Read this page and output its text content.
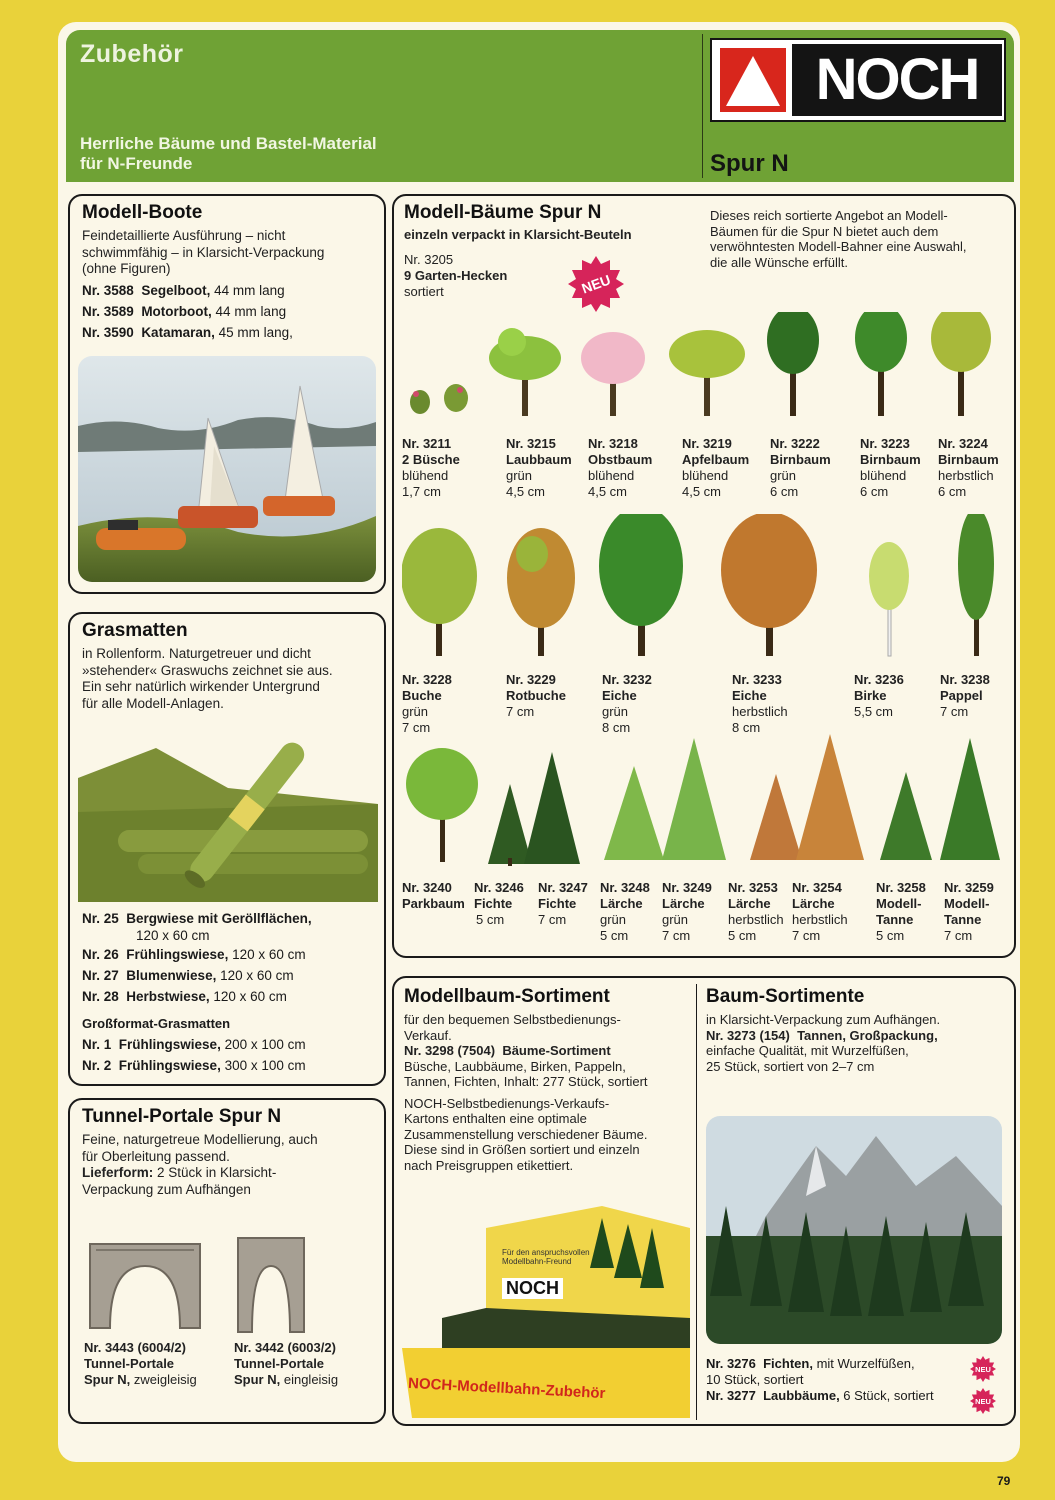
Zubehör
Herrliche Bäume und Bastel-Material
für N-Freunde
NOCH
Spur N
Modell-Boote
Feindetaillierte Ausführung – nicht
schwimmfähig – in Klarsicht-Verpackung
(ohne Figuren)
Nr. 3588 Segelboot, 44 mm lang
Nr. 3589 Motorboot, 44 mm lang
Nr. 3590 Katamaran, 45 mm lang,
Grasmatten
in Rollenform. Naturgetreuer und dicht
»stehender« Graswuchs zeichnet sie aus.
Ein sehr natürlich wirkender Untergrund
für alle Modell-Anlagen.
Nr. 25 Bergwiese mit Geröllflächen,
120 x 60 cm
Nr. 26 Frühlingswiese, 120 x 60 cm
Nr. 27 Blumenwiese, 120 x 60 cm
Nr. 28 Herbstwiese, 120 x 60 cm
Großformat-Grasmatten
Nr. 1 Frühlingswiese, 200 x 100 cm
Nr. 2 Frühlingswiese, 300 x 100 cm
Tunnel-Portale Spur N
Feine, naturgetreue Modellierung, auch
für Oberleitung passend.
Lieferform: 2 Stück in Klarsicht-
Verpackung zum Aufhängen
Nr. 3443 (6004/2)
Tunnel-Portale
Spur N, zweigleisig
Nr. 3442 (6003/2)
Tunnel-Portale
Spur N, eingleisig
Modell-Bäume Spur N
einzeln verpackt in Klarsicht-Beuteln
Nr. 3205
9 Garten-Hecken
sortiert
Dieses reich sortierte Angebot an Modell-
Bäumen für die Spur N bietet auch dem
verwöhntesten Modell-Bahner eine Auswahl,
die alle Wünsche erfüllt.
NEU
Nr. 3211
2 Büsche
blühend
1,7 cm
Nr. 3215
Laubbaum
grün
4,5 cm
Nr. 3218
Obstbaum
blühend
4,5 cm
Nr. 3219
Apfelbaum
blühend
4,5 cm
Nr. 3222
Birnbaum
grün
6 cm
Nr. 3223
Birnbaum
blühend
6 cm
Nr. 3224
Birnbaum
herbstlich
6 cm
Nr. 3228
Buche
grün
7 cm
Nr. 3229
Rotbuche
7 cm
Nr. 3232
Eiche
grün
8 cm
Nr. 3233
Eiche
herbstlich
8 cm
Nr. 3236
Birke
5,5 cm
Nr. 3238
Pappel
7 cm
Nr. 3240
Parkbaum
Nr. 3246
Fichte
5 cm
Nr. 3247
Fichte
7 cm
Nr. 3248
Lärche
grün
5 cm
Nr. 3249
Lärche
grün
7 cm
Nr. 3253
Lärche
herbstlich
5 cm
Nr. 3254
Lärche
herbstlich
7 cm
Nr. 3258
Modell-
Tanne
5 cm
Nr. 3259
Modell-
Tanne
7 cm
Modellbaum-Sortiment
für den bequemen Selbstbedienungs-
Verkauf.
Nr. 3298 (7504) Bäume-Sortiment
Büsche, Laubbäume, Birken, Pappeln,
Tannen, Fichten, Inhalt: 277 Stück, sortiert
NOCH-Selbstbedienungs-Verkaufs-
Kartons enthalten eine optimale
Zusammenstellung verschiedener Bäume.
Diese sind in Größen sortiert und einzeln
nach Preisgruppen etikettiert.
NOCH
Für den anspruchsvollen Modellbahn-Freund
NOCH-Modellbahn-Zubehör
Baum-Sortimente
in Klarsicht-Verpackung zum Aufhängen.
Nr. 3273 (154) Tannen, Großpackung,
einfache Qualität, mit Wurzelfüßen,
25 Stück, sortiert von 2–7 cm
Nr. 3276 Fichten, mit Wurzelfüßen,
10 Stück, sortiert
Nr. 3277 Laubbäume, 6 Stück, sortiert
NEU
NEU
79
